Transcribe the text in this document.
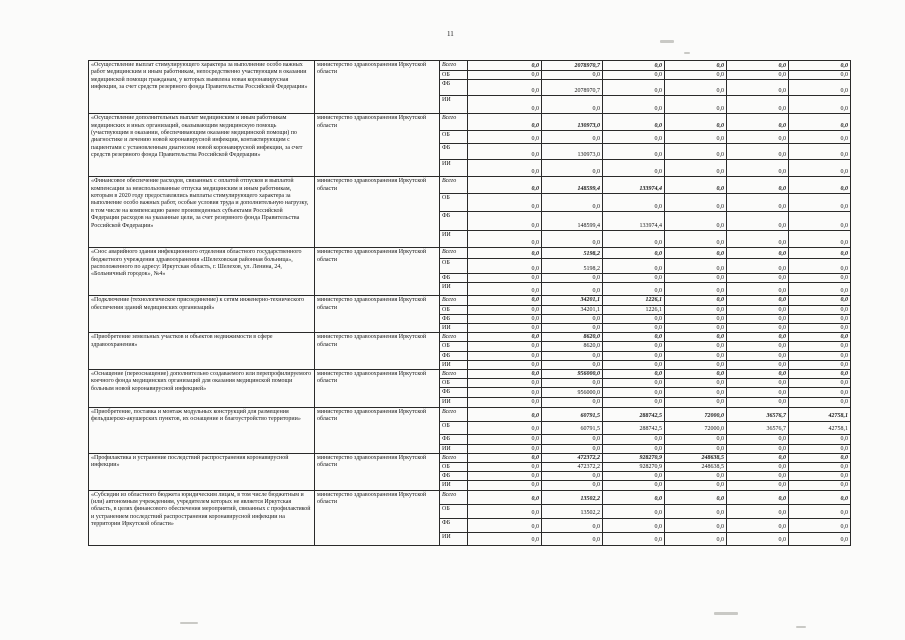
11
«Осуществление выплат стимулирующего характера за выполнение особо важных работ медицинским и иным работникам, непосредственно участвующим в оказании медицинской помощи гражданам, у которых выявлена новая коронавирусная инфекция, за счет средств резервного фонда Правительства Российской Федерации»	министерство здравоохранения Иркутской области	Всего	0,0	2078970,7	0,0	0,0	0,0	0,0
		ОБ	0,0	0,0	0,0	0,0	0,0	0,0
		ФБ	0,0	2078970,7	0,0	0,0	0,0	0,0
		ИИ	0,0	0,0	0,0	0,0	0,0	0,0
«Осуществление дополнительных выплат медицинским и иным работникам медицинских и иных организаций, оказывающим медицинскую помощь (участвующим в оказании, обеспечивающим оказание медицинской помощи) по диагностике и лечению новой коронавирусной инфекции, контактирующим с пациентами с установленным диагнозом новой коронавирусной инфекции, за счет средств резервного фонда Правительства Российской Федерации»	министерство здравоохранения Иркутской области	Всего	0,0	130973,0	0,0	0,0	0,0	0,0
		ОБ	0,0	0,0	0,0	0,0	0,0	0,0
		ФБ	0,0	130973,0	0,0	0,0	0,0	0,0
		ИИ	0,0	0,0	0,0	0,0	0,0	0,0
«Финансовое обеспечение расходов, связанных с оплатой отпусков и выплатой компенсации за неиспользованные отпуска медицинским и иным работникам, которым в 2020 году предоставлялись выплаты стимулирующего характера за выполнение особо важных работ, особые условия труда и дополнительную нагрузку, в том числе на компенсацию ранее произведенных субъектами Российской Федерации расходов на указанные цели, за счет резервного фонда Правительства Российской Федерации»	министерство здравоохранения Иркутской области	Всего	0,0	148599,4	133974,4	0,0	0,0	0,0
		ОБ	0,0	0,0	0,0	0,0	0,0	0,0
		ФБ	0,0	148599,4	133974,4	0,0	0,0	0,0
		ИИ	0,0	0,0	0,0	0,0	0,0	0,0
«Снос аварийного здания инфекционного отделения областного государственного бюджетного учреждения здравоохранения «Шелеховская районная больница», расположенного по адресу: Иркутская область, г. Шелехов, ул. Ленина, 24, «Больничный городок», №4»	министерство здравоохранения Иркутской области	Всего	0,0	5198,2	0,0	0,0	0,0	0,0
		ОБ	0,0	5198,2	0,0	0,0	0,0	0,0
		ФБ	0,0	0,0	0,0	0,0	0,0	0,0
		ИИ	0,0	0,0	0,0	0,0	0,0	0,0
«Подключение (технологическое присоединение) к сетям инженерно-технического обеспечения зданий медицинских организаций»	министерство здравоохранения Иркутской области	Всего	0,0	34201,1	1226,1	0,0	0,0	0,0
		ОБ	0,0	34201,1	1226,1	0,0	0,0	0,0
		ФБ	0,0	0,0	0,0	0,0	0,0	0,0
		ИИ	0,0	0,0	0,0	0,0	0,0	0,0
«Приобретение земельных участков и объектов недвижимости в сфере здравоохранения»	министерство здравоохранения Иркутской области	Всего	0,0	8620,0	0,0	0,0	0,0	0,0
		ОБ	0,0	8620,0	0,0	0,0	0,0	0,0
		ФБ	0,0	0,0	0,0	0,0	0,0	0,0
		ИИ	0,0	0,0	0,0	0,0	0,0	0,0
«Оснащение (переоснащение) дополнительно создаваемого или перепрофилируемого коечного фонда медицинских организаций для оказания медицинской помощи больным новой коронавирусной инфекцией»	министерство здравоохранения Иркутской области	Всего	0,0	956000,0	0,0	0,0	0,0	0,0
		ОБ	0,0	0,0	0,0	0,0	0,0	0,0
		ФБ	0,0	956000,0	0,0	0,0	0,0	0,0
		ИИ	0,0	0,0	0,0	0,0	0,0	0,0
«Приобретение, поставка и монтаж модульных конструкций для размещения фельдшерско-акушерских пунктов, их оснащение и благоустройство территории»	министерство здравоохранения Иркутской области	Всего	0,0	60791,5	288742,5	72000,0	36576,7	42758,1
		ОБ	0,0	60791,5	288742,5	72000,0	36576,7	42758,1
		ФБ	0,0	0,0	0,0	0,0	0,0	0,0
		ИИ	0,0	0,0	0,0	0,0	0,0	0,0
«Профилактика и устранение последствий распространения коронавирусной инфекции»	министерство здравоохранения Иркутской области	Всего	0,0	472372,2	928270,9	248638,5	0,0	0,0
		ОБ	0,0	472372,2	928270,9	248638,5	0,0	0,0
		ФБ	0,0	0,0	0,0	0,0	0,0	0,0
		ИИ	0,0	0,0	0,0	0,0	0,0	0,0
«Субсидии из областного бюджета юридическим лицам, в том числе бюджетным и (или) автономным учреждениям, учредителем которых не является Иркутская область, в целях финансового обеспечения мероприятий, связанных с профилактикой и устранением последствий распространения коронавирусной инфекции на территории Иркутской области»	министерство здравоохранения Иркутской области	Всего	0,0	13502,2	0,0	0,0	0,0	0,0
		ОБ	0,0	13502,2	0,0	0,0	0,0	0,0
		ФБ	0,0	0,0	0,0	0,0	0,0	0,0
		ИИ	0,0	0,0	0,0	0,0	0,0	0,0
